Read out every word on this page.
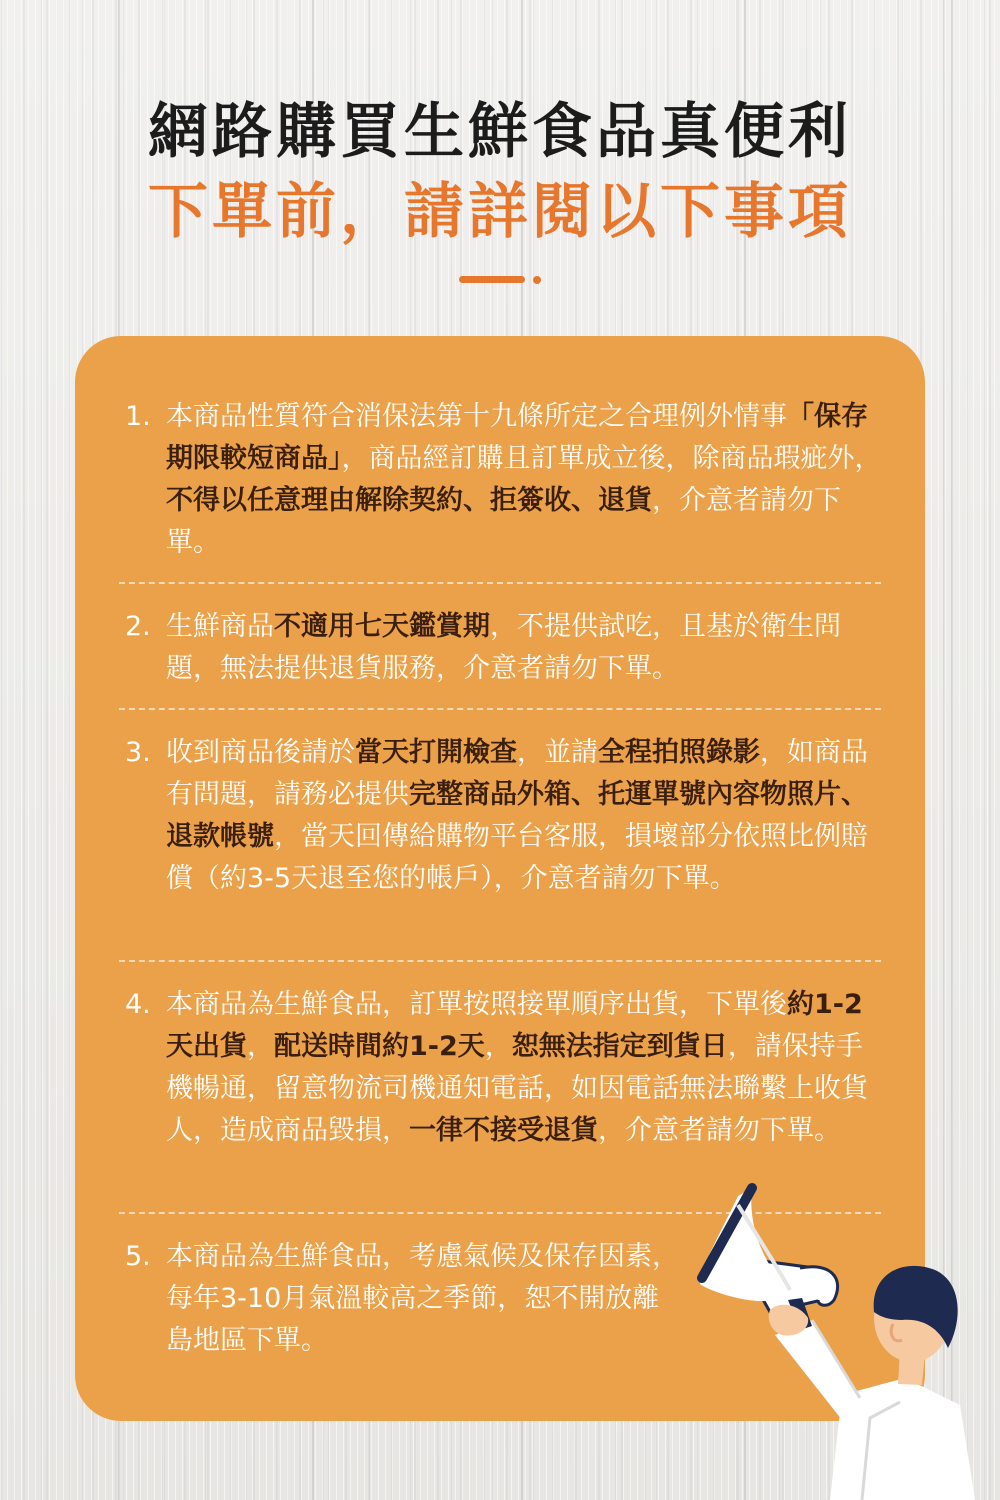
網路購買生鮮食品真便利
下單前，請詳閱以下事項
1. 本商品性質符合消保法第十九條所定之合理例外情事「保存期限較短商品」，商品經訂購且訂單成立後，除商品瑕疵外，不得以任意理由解除契約、拒簽收、退貨，介意者請勿下單。
2. 生鮮商品不適用七天鑑賞期，不提供試吃，且基於衛生問題，無法提供退貨服務，介意者請勿下單。
3. 收到商品後請於當天打開檢查，並請全程拍照錄影，如商品有問題，請務必提供完整商品外箱、托運單號內容物照片、退款帳號，當天回傳給購物平台客服，損壞部分依照比例賠償（約3-5天退至您的帳戶），介意者請勿下單。
4. 本商品為生鮮食品，訂單按照接單順序出貨，下單後約1-2天出貨，配送時間約1-2天，恕無法指定到貨日，請保持手機暢通，留意物流司機通知電話，如因電話無法聯繫上收貨人，造成商品毀損，一律不接受退貨，介意者請勿下單。
5. 本商品為生鮮食品，考慮氣候及保存因素，每年3-10月氣溫較高之季節，恕不開放離島地區下單。
